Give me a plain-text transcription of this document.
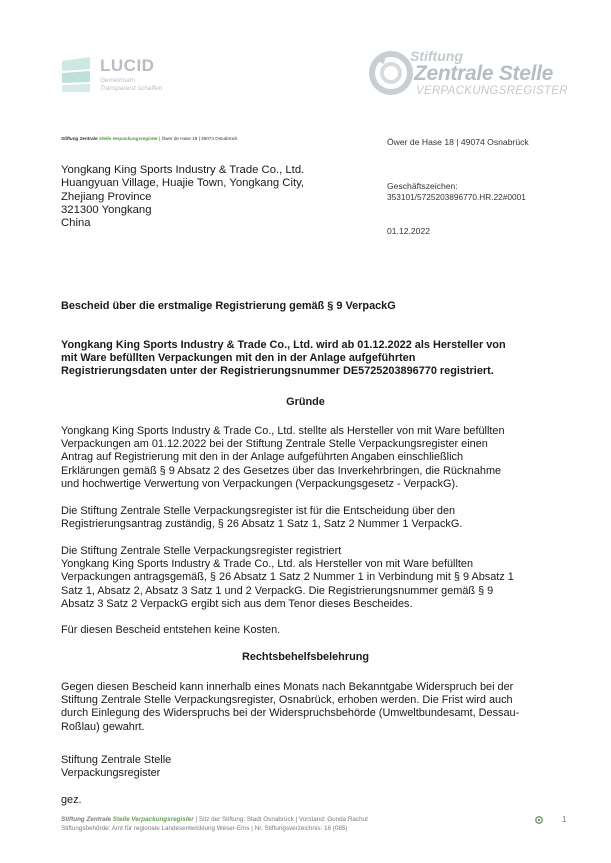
LUCID
Gemeinsam
Transparenz schaffen
Stiftung
Zentrale Stelle
VERPACKUNGSREGISTER
Stiftung Zentrale Stelle Verpackungsregister | Öwer de Hase 18 | 49074 Osnabrück	Öwer de Hase 18 | 49074 Osnabrück
Geschäftszeichen:
353101/5725203896770.HR.22#0001
01.12.2022
Yongkang King Sports Industry & Trade Co., Ltd.
Huangyuan Village, Huajie Town, Yongkang City,
Zhejiang Province
321300 Yongkang
China
Bescheid über die erstmalige Registrierung gemäß § 9 VerpackG
Yongkang King Sports Industry & Trade Co., Ltd. wird ab 01.12.2022 als Hersteller von
mit Ware befüllten Verpackungen mit den in der Anlage aufgeführten
Registrierungsdaten unter der Registrierungsnummer DE5725203896770 registriert.
Gründe
Yongkang King Sports Industry & Trade Co., Ltd. stellte als Hersteller von mit Ware befüllten
Verpackungen am 01.12.2022 bei der Stiftung Zentrale Stelle Verpackungsregister einen
Antrag auf Registrierung mit den in der Anlage aufgeführten Angaben einschließlich
Erklärungen gemäß § 9 Absatz 2 des Gesetzes über das Inverkehrbringen, die Rücknahme
und hochwertige Verwertung von Verpackungen (Verpackungsgesetz - VerpackG).
Die Stiftung Zentrale Stelle Verpackungsregister ist für die Entscheidung über den
Registrierungsantrag zuständig, § 26 Absatz 1 Satz 1, Satz 2 Nummer 1 VerpackG.
Die Stiftung Zentrale Stelle Verpackungsregister registriert
Yongkang King Sports Industry & Trade Co., Ltd. als Hersteller von mit Ware befüllten
Verpackungen antragsgemäß, § 26 Absatz 1 Satz 2 Nummer 1 in Verbindung mit § 9 Absatz 1
Satz 1, Absatz 2, Absatz 3 Satz 1 und 2 VerpackG. Die Registrierungsnummer gemäß § 9
Absatz 3 Satz 2 VerpackG ergibt sich aus dem Tenor dieses Bescheides.
Für diesen Bescheid entstehen keine Kosten.
Rechtsbehelfsbelehrung
Gegen diesen Bescheid kann innerhalb eines Monats nach Bekanntgabe Widerspruch bei der
Stiftung Zentrale Stelle Verpackungsregister, Osnabrück, erhoben werden. Die Frist wird auch
durch Einlegung des Widerspruchs bei der Widerspruchsbehörde (Umweltbundesamt, Dessau-
Roßlau) gewahrt.
Stiftung Zentrale Stelle
Verpackungsregister
gez.
Stiftung Zentrale Stelle Verpackungsregister | Sitz der Stiftung: Stadt Osnabrück | Vorstand: Gunda Rachut
Stiftungsbehörde: Amt für regionale Landesentwicklung Weser-Ems | Nr. Stiftungsverzeichnis: 16 (085)
1
